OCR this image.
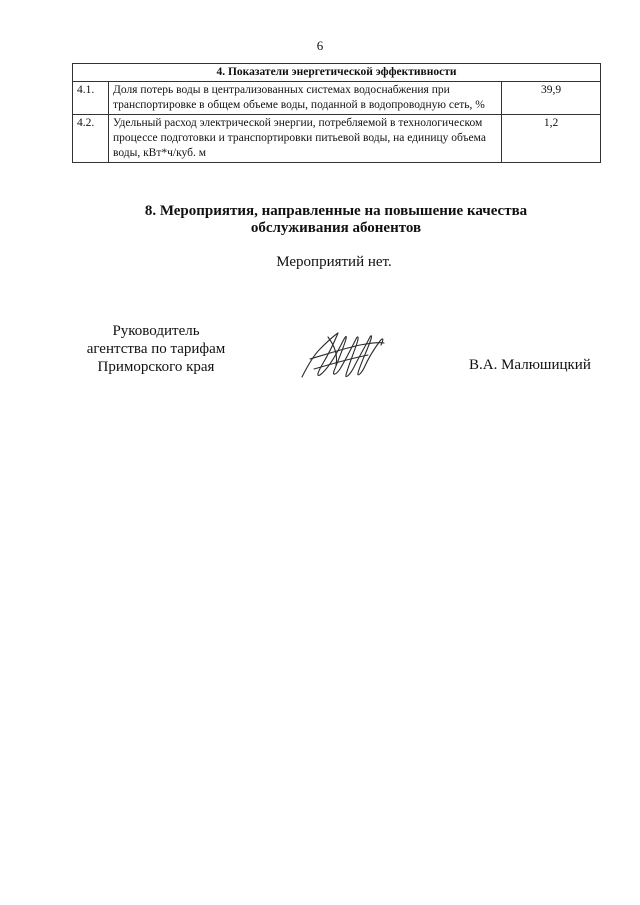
6
4. Показатели энергетической эффективности		
4.1.	Доля потерь воды в централизованных системах водоснабжения при транспортировке в общем объеме воды, поданной в водопроводную сеть, %	39,9
4.2.	Удельный расход электрической энергии, потребляемой в технологическом процессе подготовки и транспортировки питьевой воды, на единицу объема воды, кВт*ч/куб. м	1,2
8. Мероприятия, направленные на повышение качества
обслуживания абонентов
Мероприятий нет.
Руководитель
агентства по тарифам
Приморского края	В.А. Малюшицкий
